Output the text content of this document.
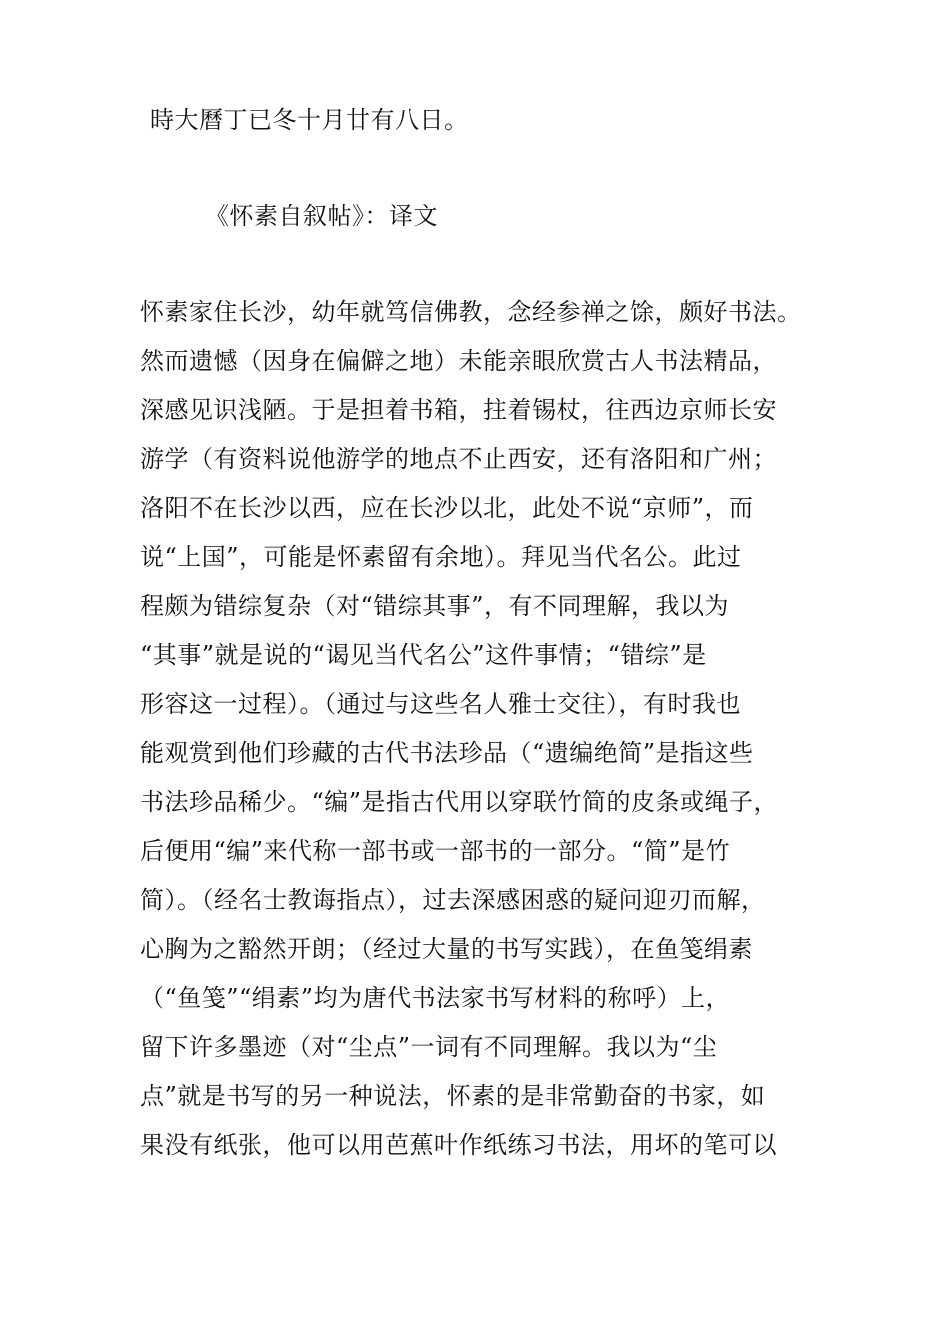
時大曆丁已冬十月廿有八日。
《怀素自叙帖》：译文
怀素家住长沙，幼年就笃信佛教，念经参禅之馀，颇好书法。
然而遗憾（因身在偏僻之地）未能亲眼欣赏古人书法精品，
深感见识浅陋。于是担着书箱，拄着锡杖，往西边京师长安
游学（有资料说他游学的地点不止西安，还有洛阳和广州；
洛阳不在长沙以西，应在长沙以北，此处不说“京师”，而
说“上国”，可能是怀素留有余地）。拜见当代名公。此过
程颇为错综复杂（对“错综其事”，有不同理解，我以为
“其事”就是说的“谒见当代名公”这件事情；“错综”是
形容这一过程）。（通过与这些名人雅士交往），有时我也
能观赏到他们珍藏的古代书法珍品（“遗编绝简”是指这些
书法珍品稀少。“编”是指古代用以穿联竹简的皮条或绳子，
后便用“编”来代称一部书或一部书的一部分。“简”是竹
简）。（经名士教诲指点），过去深感困惑的疑问迎刃而解，
心胸为之豁然开朗；（经过大量的书写实践），在鱼笺绢素
（“鱼笺”“绢素”均为唐代书法家书写材料的称呼）上，
留下许多墨迹（对“尘点”一词有不同理解。我以为“尘
点”就是书写的另一种说法，怀素的是非常勤奋的书家，如
果没有纸张，他可以用芭蕉叶作纸练习书法，用坏的笔可以
